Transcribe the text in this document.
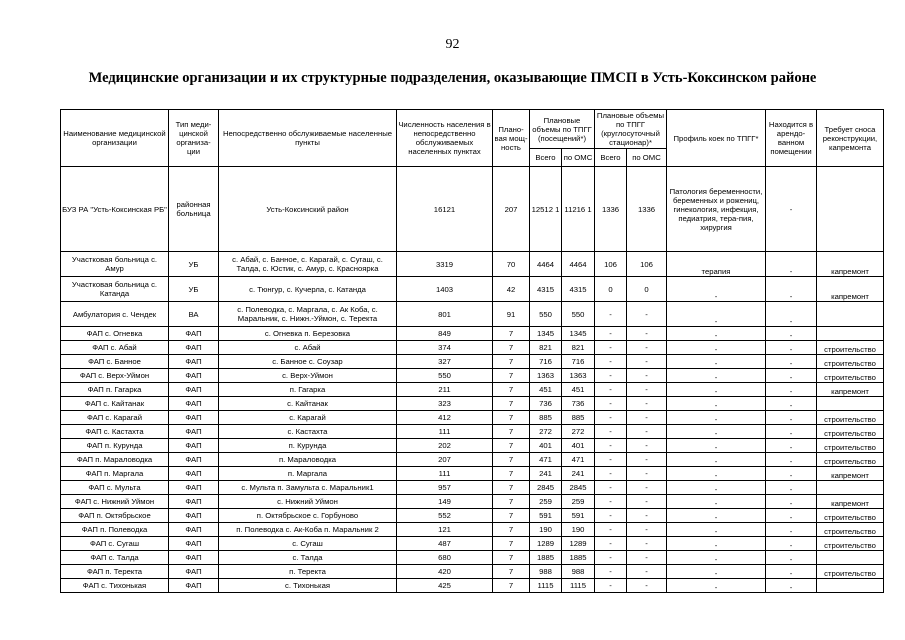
92
Медицинские организации и их структурные подразделения, оказывающие ПМСП в Усть-Коксинском районе
Наименование медицинской организации	Тип меди-цинской организа-ции	Непосредственно обслуживаемые населенные пункты	Численность населения в непосредственно обслуживаемых населенных пунктах	Плано-вая мощ-ность	Плановые объемы по ТПГГ (посещений*)		Плановые объемы по ТПГГ (круглосуточный стационар)*		Профиль коек по ТПГГ*	Находится в арендо-ванном помещении	Требует сноса реконструкции, капремонта
					Всего	по ОМС	Всего	по ОМС			
БУЗ РА "Усть-Коксинская РБ"	районная больница	Усть-Коксинский район	16121	207	12512 1	11216 1	1336	1336	Патология беременности, беременных и рожениц, гинекология, инфекция, педиатрия, тера-пия, хирургия	-	
Участковая больница с. Амур	УБ	с. Абай, с. Банное, с. Карагай, с. Сугаш, с. Талда, с. Юстик, с. Амур, с. Красноярка	3319	70	4464	4464	106	106	терапия	-	капремонт
Участковая больница с. Катанда	УБ	с. Тюнгур, с. Кучерла, с. Катанда	1403	42	4315	4315	0	0	-	-	капремонт
Амбулатория с. Чендек	ВА	с. Полеводка, с. Маргала, с. Ак Коба, с. Маральник, с. Нижн.-Уймон, с. Теректа	801	91	550	550	-	-	-	-	
ФАП с. Огневка	ФАП	с. Огневка п. Березовка	849	7	1345	1345	-	-	-	-	
ФАП с. Абай	ФАП	с. Абай	374	7	821	821	-	-	-	-	строительство
ФАП с. Банное	ФАП	с. Банное с. Соузар	327	7	716	716	-	-	-	-	строительство
ФАП с. Верх-Уймон	ФАП	с. Верх-Уймон	550	7	1363	1363	-	-	-	-	строительство
ФАП п. Гагарка	ФАП	п. Гагарка	211	7	451	451	-	-	-	-	капремонт
ФАП с. Кайтанак	ФАП	с. Кайтанак	323	7	736	736	-	-	-	-	
ФАП с. Карагай	ФАП	с. Карагай	412	7	885	885	-	-	-	-	строительство
ФАП с. Кастахта	ФАП	с. Кастахта	111	7	272	272	-	-	-	-	строительство
ФАП п. Курунда	ФАП	п. Курунда	202	7	401	401	-	-	-	-	строительство
ФАП п. Мараловодка	ФАП	п. Мараловодка	207	7	471	471	-	-	-	-	строительство
ФАП п. Маргала	ФАП	п. Маргала	111	7	241	241	-	-	-	-	капремонт
ФАП с. Мульта	ФАП	с. Мульта п. Замульта с. Маральник1	957	7	2845	2845	-	-	-	-	
ФАП с. Нижний Уймон	ФАП	с. Нижний Уймон	149	7	259	259	-	-	-	-	капремонт
ФАП п. Октябрьское	ФАП	п. Октябрьское с. Горбуново	552	7	591	591	-	-	-	-	строительство
ФАП п. Полеводка	ФАП	п. Полеводка с. Ак-Коба п. Маральник 2	121	7	190	190	-	-	-	-	строительство
ФАП с. Сугаш	ФАП	с. Сугаш	487	7	1289	1289	-	-	-	-	строительство
ФАП с. Талда	ФАП	с. Талда	680	7	1885	1885	-	-	-	-	
ФАП п. Теректа	ФАП	п. Теректа	420	7	988	988	-	-	-	-	строительство
ФАП с. Тихонькая	ФАП	с. Тихонькая	425	7	1115	1115	-	-	-	-	
